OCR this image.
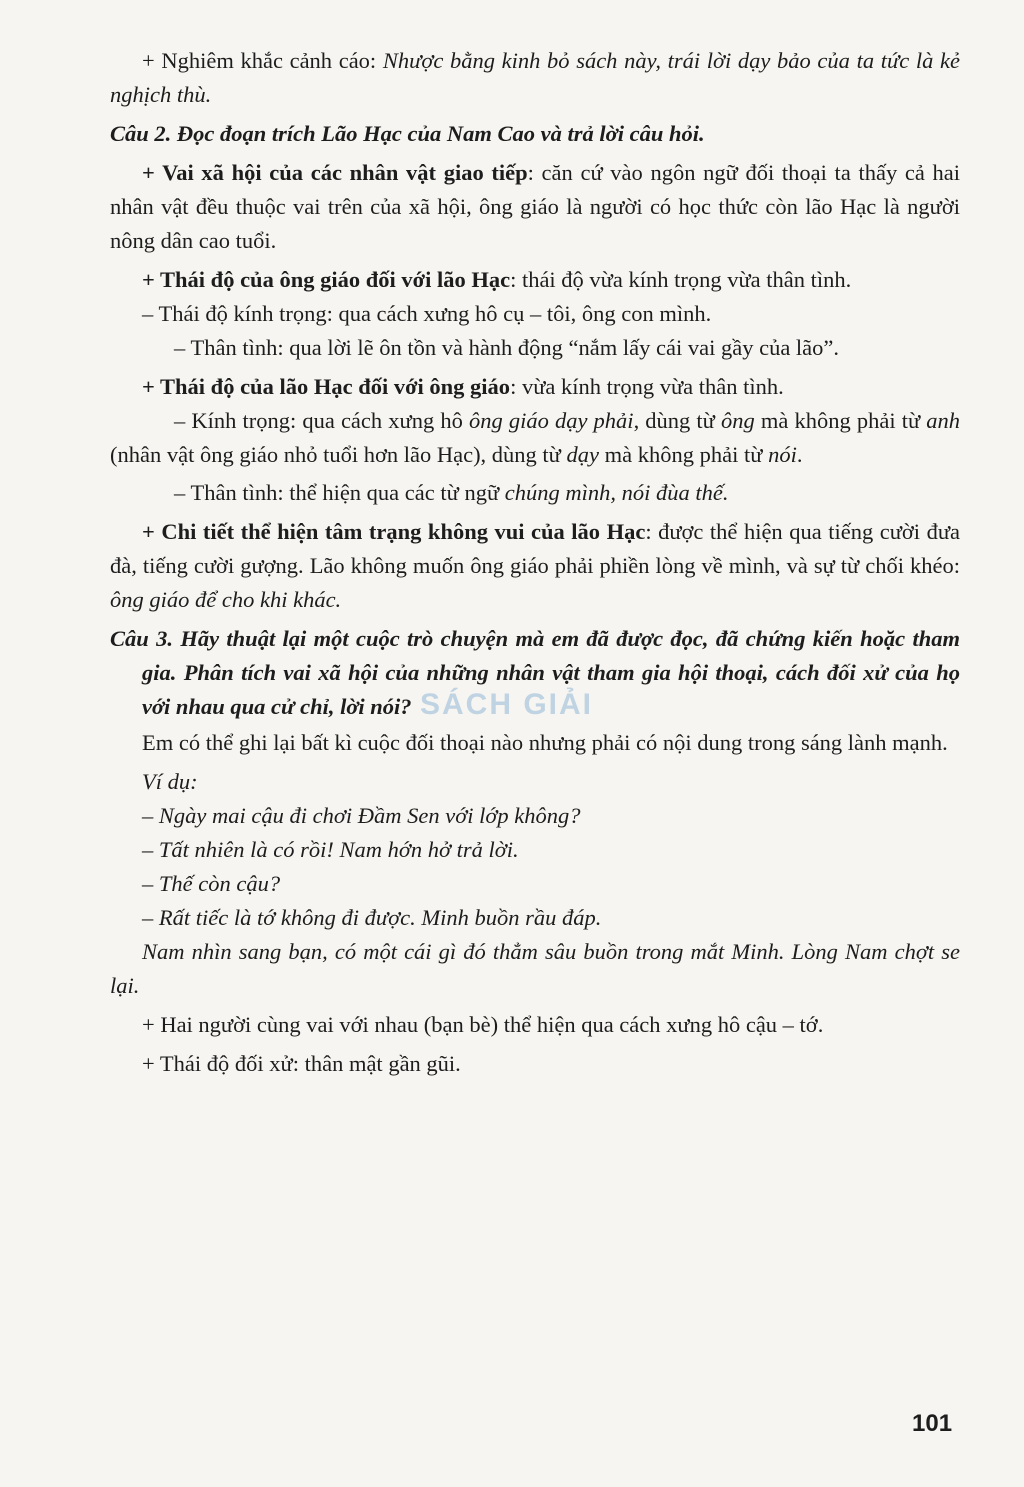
+ Nghiêm khắc cảnh cáo: Nhược bằng kinh bỏ sách này, trái lời dạy bảo của ta tức là kẻ nghịch thù.

Câu 2. Đọc đoạn trích Lão Hạc của Nam Cao và trả lời câu hỏi.

+ Vai xã hội của các nhân vật giao tiếp: căn cứ vào ngôn ngữ đối thoại ta thấy cả hai nhân vật đều thuộc vai trên của xã hội, ông giáo là người có học thức còn lão Hạc là người nông dân cao tuổi.

+ Thái độ của ông giáo đối với lão Hạc: thái độ vừa kính trọng vừa thân tình.

– Thái độ kính trọng: qua cách xưng hô cụ – tôi, ông con mình.

– Thân tình: qua lời lẽ ôn tồn và hành động “nắm lấy cái vai gầy của lão”.

+ Thái độ của lão Hạc đối với ông giáo: vừa kính trọng vừa thân tình.

– Kính trọng: qua cách xưng hô ông giáo dạy phải, dùng từ ông mà không phải từ anh (nhân vật ông giáo nhỏ tuổi hơn lão Hạc), dùng từ dạy mà không phải từ nói.

– Thân tình: thể hiện qua các từ ngữ chúng mình, nói đùa thế.

+ Chi tiết thể hiện tâm trạng không vui của lão Hạc: được thể hiện qua tiếng cười đưa đà, tiếng cười gượng. Lão không muốn ông giáo phải phiền lòng về mình, và sự từ chối khéo: ông giáo để cho khi khác.

Câu 3. Hãy thuật lại một cuộc trò chuyện mà em đã được đọc, đã chứng kiến hoặc tham gia. Phân tích vai xã hội của những nhân vật tham gia hội thoại, cách đối xử của họ với nhau qua cử chỉ, lời nói?

Em có thể ghi lại bất kì cuộc đối thoại nào nhưng phải có nội dung trong sáng lành mạnh.

Ví dụ:

– Ngày mai cậu đi chơi Đầm Sen với lớp không?

– Tất nhiên là có rồi! Nam hớn hở trả lời.

– Thế còn cậu?

– Rất tiếc là tớ không đi được. Minh buồn rầu đáp.

Nam nhìn sang bạn, có một cái gì đó thẳm sâu buồn trong mắt Minh. Lòng Nam chợt se lại.

+ Hai người cùng vai với nhau (bạn bè) thể hiện qua cách xưng hô cậu – tớ.

+ Thái độ đối xử: thân mật gần gũi.

SÁCH GIẢI
101
